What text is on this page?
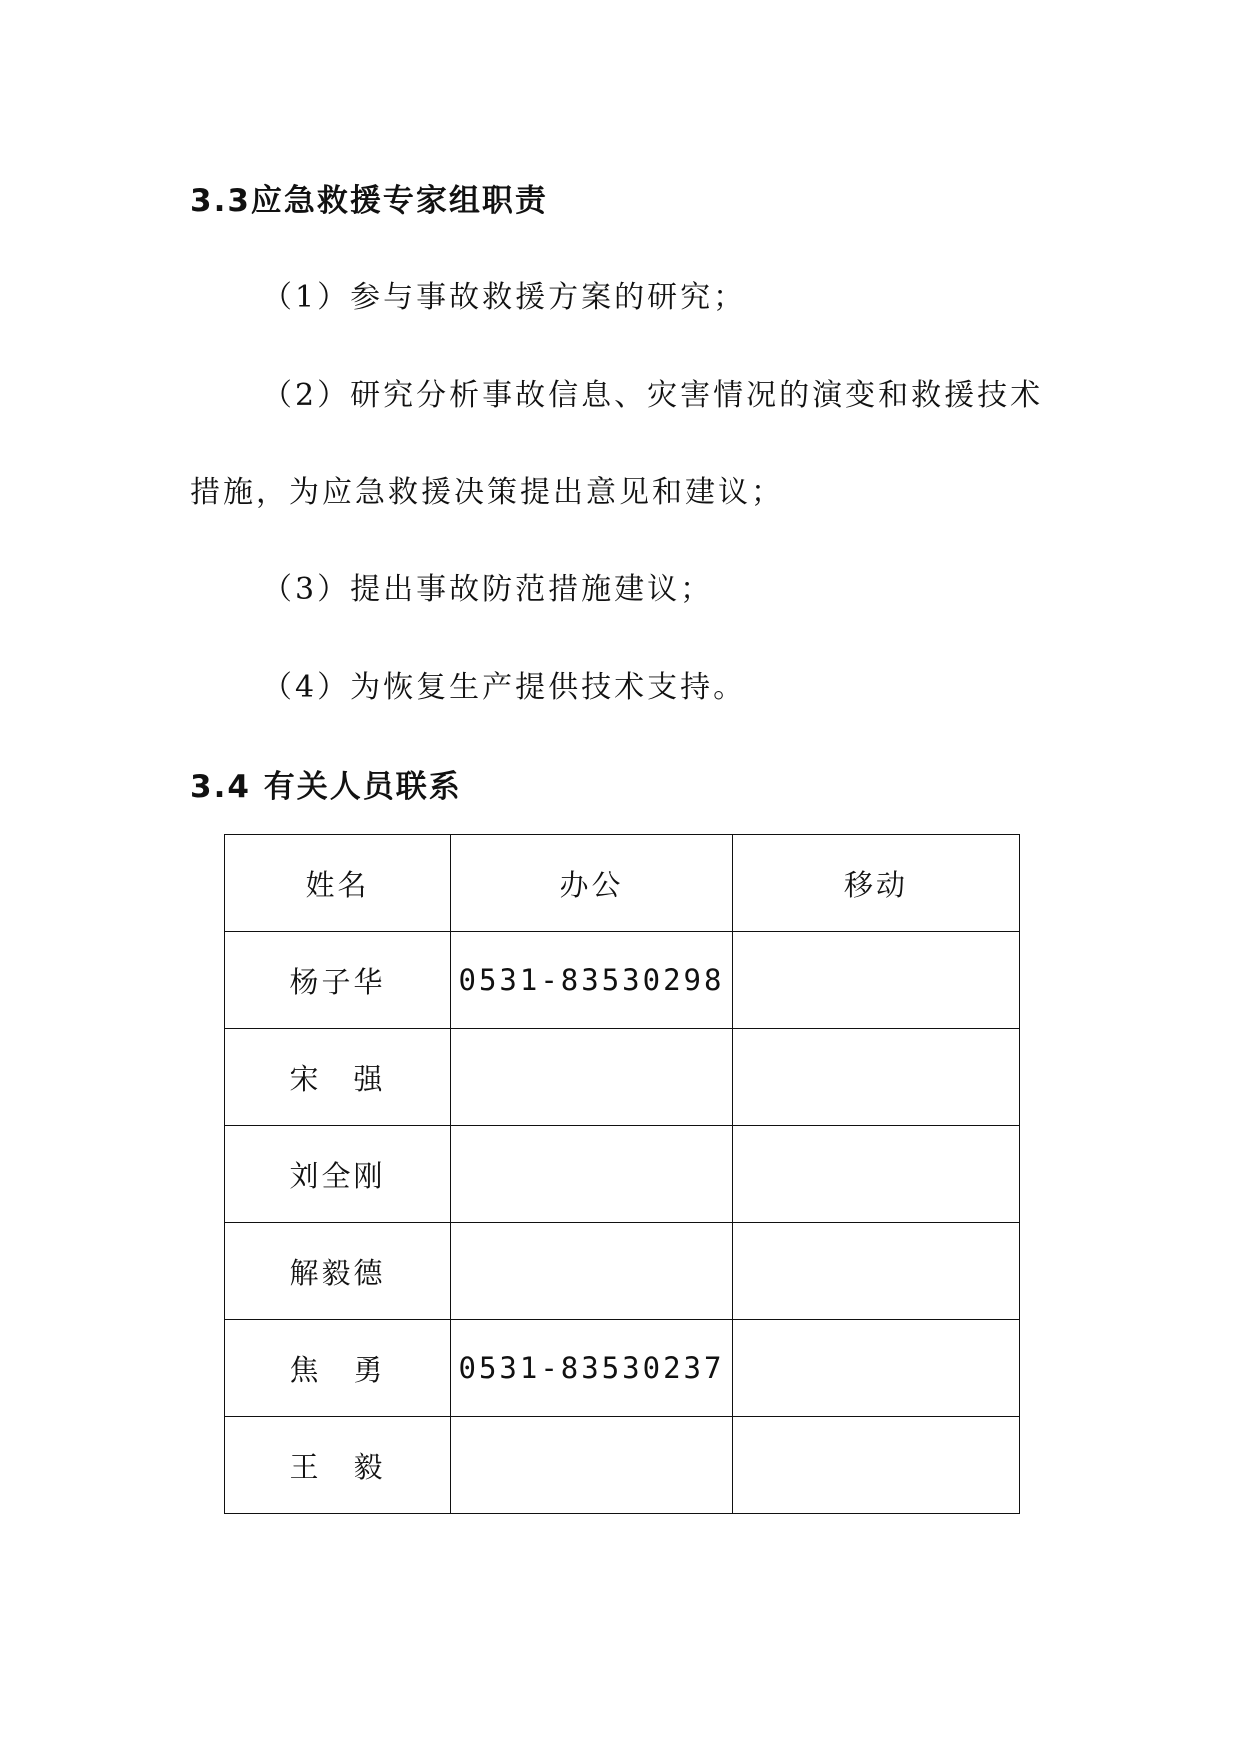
3.3应急救援专家组职责
（1）参与事故救援方案的研究；
（2）研究分析事故信息、灾害情况的演变和救援技术
措施，为应急救援决策提出意见和建议；
（3）提出事故防范措施建议；
（4）为恢复生产提供技术支持。
3.4 有关人员联系
姓名	办公	移动
杨子华	0531-83530298	
宋　强		
刘全刚		
解毅德		
焦　勇	0531-83530237	
王　毅		
